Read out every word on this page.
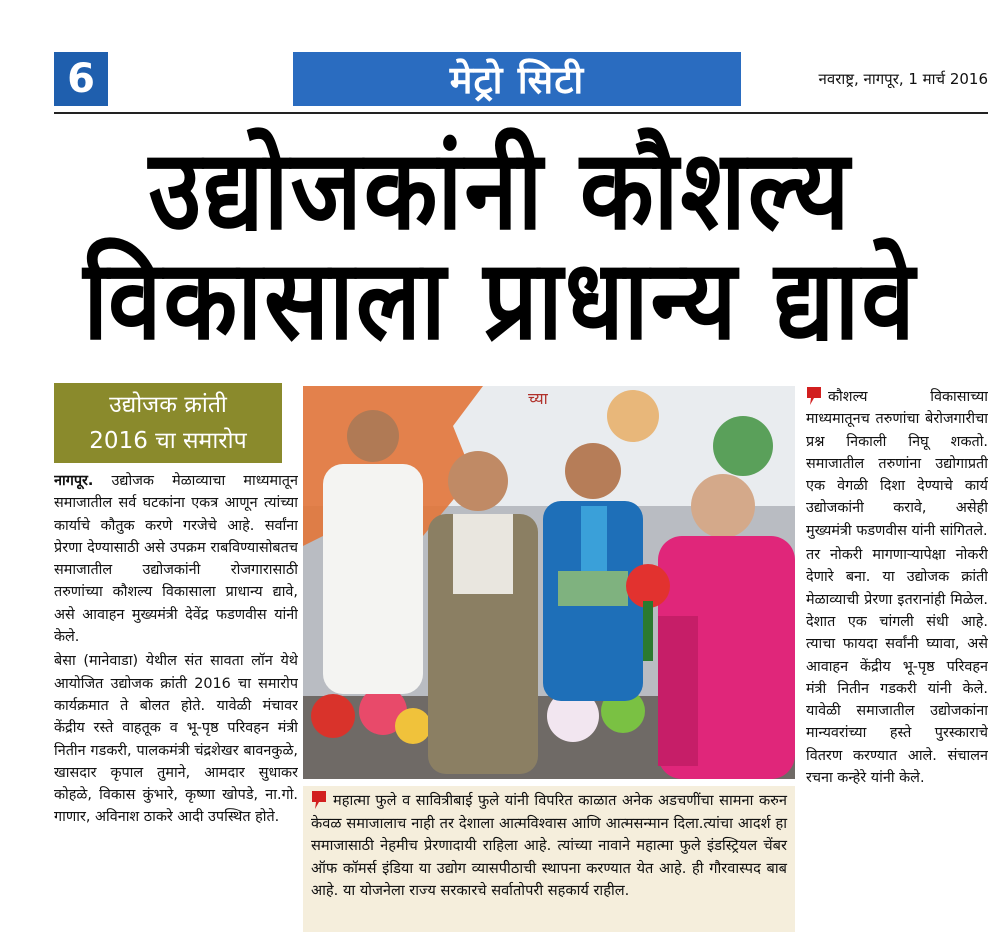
6	मेट्रो सिटी	नवराष्ट्र, नागपूर, 1 मार्च 2016
उद्योजकांनी कौशल्य
विकासाला प्राधान्य द्यावे
उद्योजक क्रांती
2016 चा समारोप

नागपूर. उद्योजक मेळाव्याचा माध्यमातून समाजातील सर्व घटकांना एकत्र आणून त्यांच्या कार्याचे कौतुक करणे गरजेचे आहे. सर्वांना प्रेरणा देण्यासाठी असे उपक्रम राबविण्यासोबतच समाजातील उद्योजकांनी रोजगारासाठी तरुणांच्या कौशल्य विकासाला प्राधान्य द्यावे, असे आवाहन मुख्यमंत्री देवेंद्र फडणवीस यांनी केले.

बेसा (मानेवाडा) येथील संत सावता लॉन येथे आयोजित उद्योजक क्रांती 2016 चा समारोप कार्यक्रमात ते बोलत होते. यावेळी मंचावर केंद्रीय रस्ते वाहतूक व भू-पृष्ठ परिवहन मंत्री नितीन गडकरी, पालकमंत्री चंद्रशेखर बावनकुळे, खासदार कृपाल तुमाने, आमदार सुधाकर कोहळे, विकास कुंभारे, कृष्णा खोपडे, ना.गो. गाणार, अविनाश ठाकरे आदी उपस्थित होते.

च्या
महात्मा फुले व सावित्रीबाई फुले यांनी विपरित काळात अनेक अडचणींचा सामना करुन केवळ समाजालाच नाही तर देशाला आत्मविश्वास आणि आत्मसन्मान दिला.त्यांचा आदर्श हा समाजासाठी नेहमीच प्रेरणादायी राहिला आहे. त्यांच्या नावाने महात्मा फुले इंडस्ट्रियल चेंबर ऑफ कॉमर्स इंडिया या उद्योग व्यासपीठाची स्थापना करण्यात येत आहे. ही गौरवास्पद बाब आहे. या योजनेला राज्य सरकारचे सर्वातोपरी सहकार्य राहील.

कौशल्य विकासाच्या माध्यमातूनच तरुणांचा बेरोजगारीचा प्रश्न निकाली निघू शकतो. समाजातील तरुणांना उद्योगाप्रती एक वेगळी दिशा देण्याचे कार्य उद्योजकांनी करावे, असेही मुख्यमंत्री फडणवीस यांनी सांगितले.

तर नोकरी मागणाऱ्यापेक्षा नोकरी देणारे बना. या उद्योजक क्रांती मेळाव्याची प्रेरणा इतरानांही मिळेल. देशात एक चांगली संधी आहे. त्याचा फायदा सर्वांनी घ्यावा, असे आवाहन केंद्रीय भू-पृष्ठ परिवहन मंत्री नितीन गडकरी यांनी केले. यावेळी समाजातील उद्योजकांना मान्यवरांच्या हस्ते पुरस्काराचे वितरण करण्यात आले. संचालन रचना कन्हेरे यांनी केले.
